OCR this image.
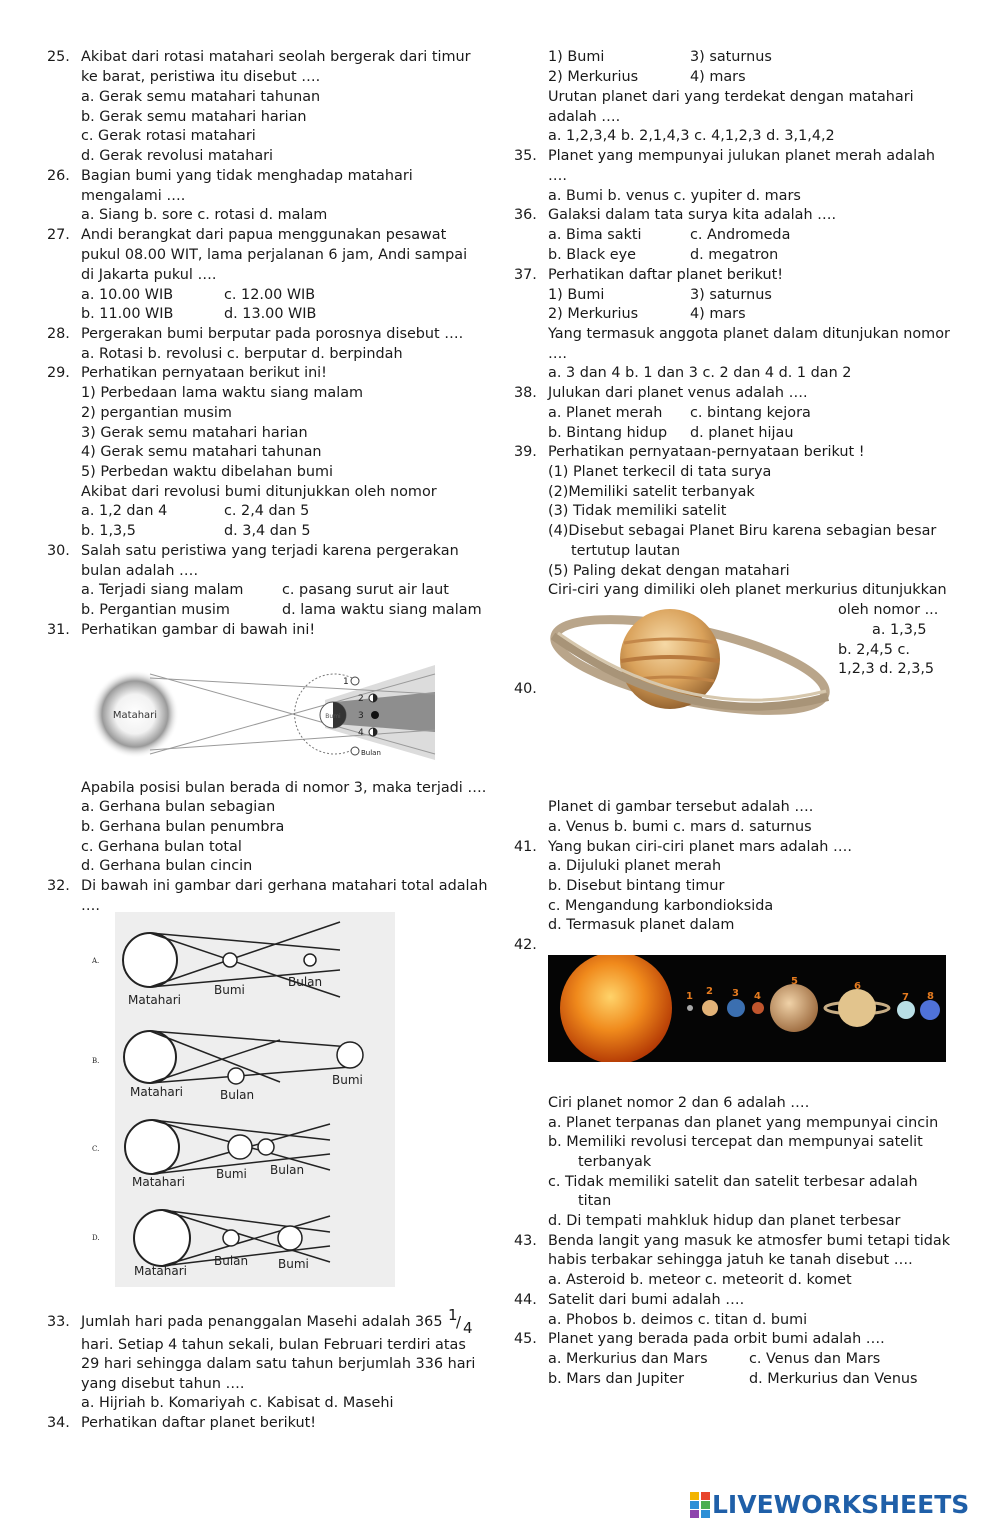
25. Akibat dari rotasi matahari seolah bergerak dari timur
ke barat, peristiwa itu disebut ….
a. Gerak semu matahari tahunan
b. Gerak semu matahari harian
c. Gerak rotasi matahari
d. Gerak revolusi matahari
26. Bagian bumi yang tidak menghadap matahari
mengalami ….
a. Siang b. sore c. rotasi d. malam
27. Andi berangkat dari papua menggunakan pesawat
pukul 08.00 WIT, lama perjalanan 6 jam, Andi sampai
di Jakarta pukul ….
a. 10.00 WIB	c. 12.00 WIB
b. 11.00 WIB	d. 13.00 WIB
28. Pergerakan bumi berputar pada porosnya disebut ….
a. Rotasi b. revolusi c. berputar d. berpindah
29. Perhatikan pernyataan berikut ini!
1) Perbedaan lama waktu siang malam
2) pergantian musim
3) Gerak semu matahari harian
4) Gerak semu matahari tahunan
5) Perbedan waktu dibelahan bumi
Akibat dari revolusi bumi ditunjukkan oleh nomor
a. 1,2 dan 4	c. 2,4 dan 5
b. 1,3,5	d. 3,4 dan 5
30. Salah satu peristiwa yang terjadi karena pergerakan
bulan adalah ….
a. Terjadi siang malam	c. pasang surut air laut
b. Pergantian musim	d. lama waktu siang malam
31. Perhatikan gambar di bawah ini!
Matahari	Bumi
1
2
3
4
Bulan
Apabila posisi bulan berada di nomor 3, maka terjadi ….
a. Gerhana bulan sebagian
b. Gerhana bulan penumbra
c. Gerhana bulan total
d. Gerhana bulan cincin
32. Di bawah ini gambar dari gerhana matahari total adalah
….
A.
B.
C.
D.
Matahari
Bumi
Bulan
Matahari	Bulan
Bumi
Matahari
Bumi Bulan
Matahari
Bulan Bumi
33. Jumlah hari pada penanggalan Masehi adalah 365 1
/ 4
hari. Setiap 4 tahun sekali, bulan Februari terdiri atas
29 hari sehingga dalam satu tahun berjumlah 336 hari
yang disebut tahun ….
a. Hijriah b. Komariyah c. Kabisat d. Masehi
34. Perhatikan daftar planet berikut!
1) Bumi	3) saturnus
2) Merkurius	4) mars
Urutan planet dari yang terdekat dengan matahari
adalah ….
a. 1,2,3,4 b. 2,1,4,3 c. 4,1,2,3 d. 3,1,4,2
35. Planet yang mempunyai julukan planet merah adalah
….
a. Bumi b. venus c. yupiter d. mars
36. Galaksi dalam tata surya kita adalah ….
a. Bima sakti	c. Andromeda
b. Black eye	d. megatron
37. Perhatikan daftar planet berikut!
1) Bumi	3) saturnus
2) Merkurius	4) mars
Yang termasuk anggota planet dalam ditunjukan nomor
….
a. 3 dan 4 b. 1 dan 3 c. 2 dan 4 d. 1 dan 2
38. Julukan dari planet venus adalah ….
a. Planet merah c. bintang kejora
b. Bintang hidup d. planet hijau
39. Perhatikan pernyataan-pernyataan berikut !
(1) Planet terkecil di tata surya
(2)Memiliki satelit terbanyak
(3) Tidak memiliki satelit
(4)Disebut sebagai Planet Biru karena sebagian besar
tertutup lautan
(5) Paling dekat dengan matahari
Ciri-ciri yang dimiliki oleh planet merkurius ditunjukkan
oleh nomor ...
a. 1,3,5
b. 2,4,5 c.
1,2,3 d. 2,3,5
40.
Planet di gambar tersebut adalah ….
a. Venus b. bumi c. mars d. saturnus
41. Yang bukan ciri-ciri planet mars adalah ….
a. Dijuluki planet merah
b. Disebut bintang timur
c. Mengandung karbondioksida
d. Termasuk planet dalam
42.
1 2 3 4
5	6
7 8
Ciri planet nomor 2 dan 6 adalah ….
a. Planet terpanas dan planet yang mempunyai cincin
b. Memiliki revolusi tercepat dan mempunyai satelit
terbanyak
c. Tidak memiliki satelit dan satelit terbesar adalah
titan
d. Di tempati mahkluk hidup dan planet terbesar
43. Benda langit yang masuk ke atmosfer bumi tetapi tidak
habis terbakar sehingga jatuh ke tanah disebut ….
a. Asteroid b. meteor c. meteorit d. komet
44. Satelit dari bumi adalah ….
a. Phobos b. deimos c. titan d. bumi
45. Planet yang berada pada orbit bumi adalah ….
a. Merkurius dan Mars	c. Venus dan Mars
b. Mars dan Jupiter	d. Merkurius dan Venus
LIVEWORKSHEETS
